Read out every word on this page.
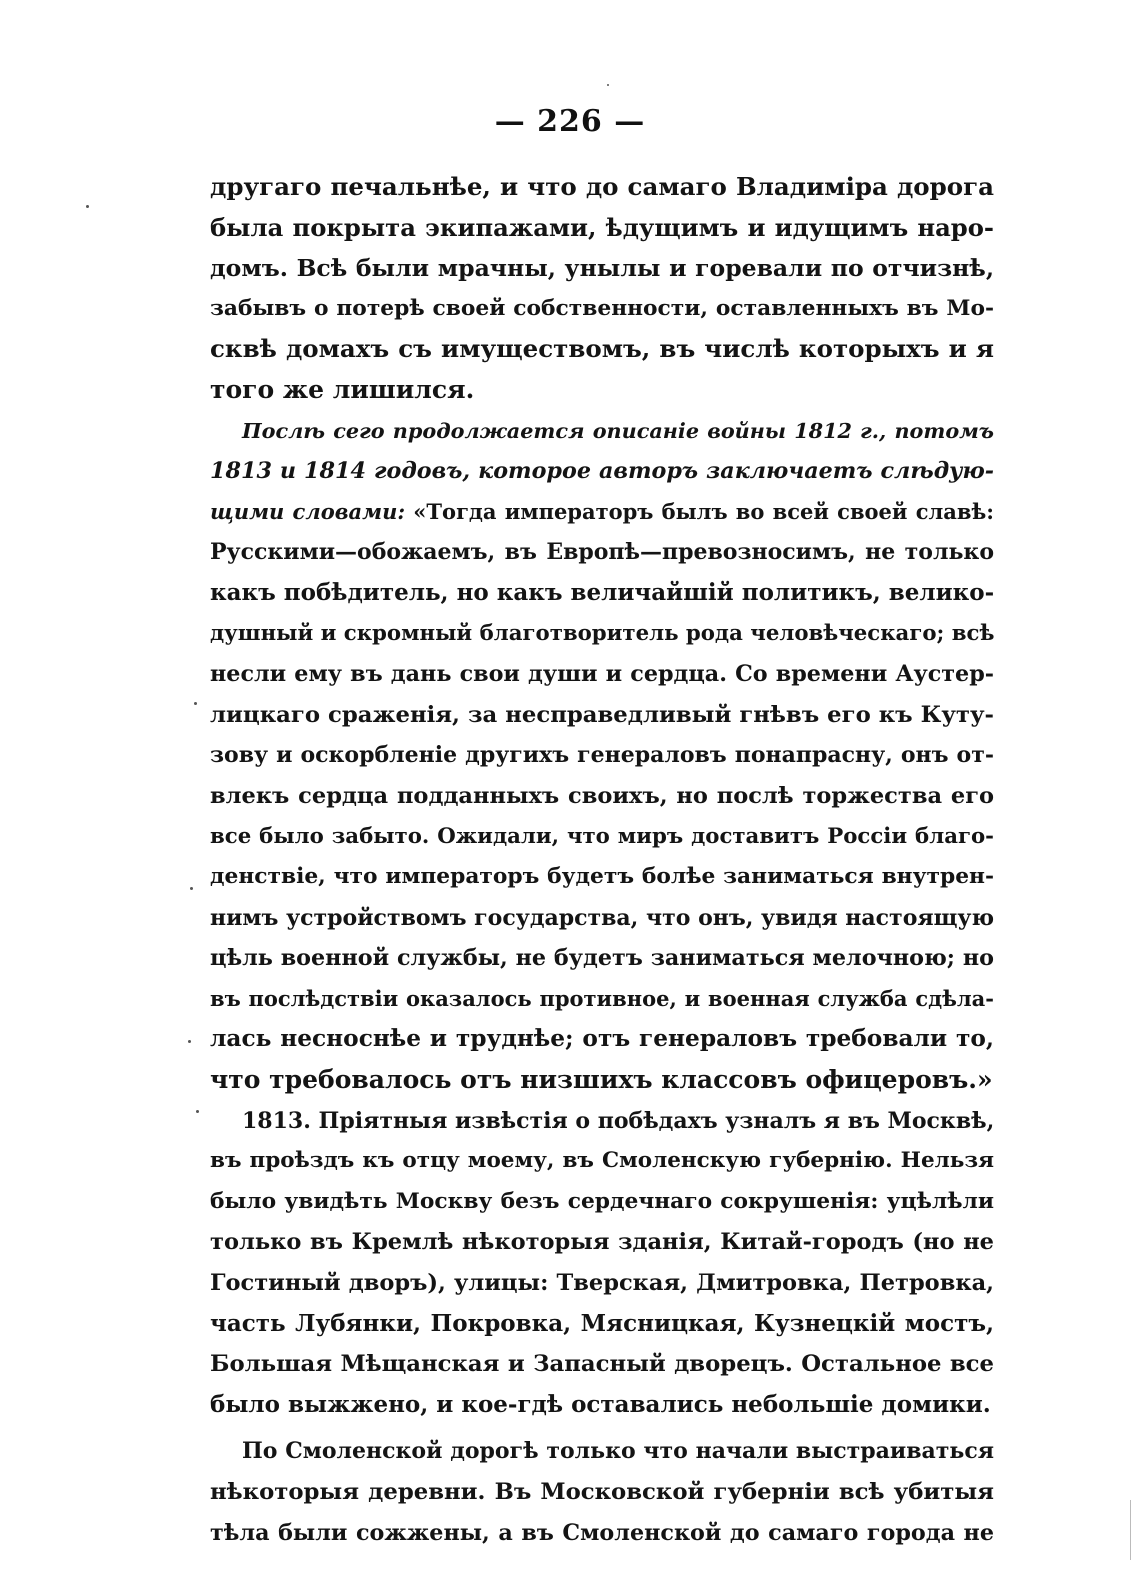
— 226 —
другаго печальнѣе, и что до самаго Владиміра дорога
была покрыта экипажами, ѣдущимъ и идущимъ наро-
домъ. Всѣ были мрачны, унылы и горевали по отчизнѣ,
забывъ о потерѣ своей собственности, оставленныхъ въ Мо-
сквѣ домахъ съ имуществомъ, въ числѣ которыхъ и я
того же лишился.
Послѣ сего продолжается описаніе войны 1812 г., потомъ
1813 и 1814 годовъ, которое авторъ заключаетъ слѣдую-
щими словами: «Тогда императоръ былъ во всей своей славѣ:
Русскими—обожаемъ, въ Европѣ—превозносимъ, не только
какъ побѣдитель, но какъ величайшій политикъ, велико-
душный и скромный благотворитель рода человѣческаго; всѣ
несли ему въ дань свои души и сердца. Со времени Аустер-
лицкаго сраженія, за несправедливый гнѣвъ его къ Куту-
зову и оскорбленіе другихъ генераловъ понапрасну, онъ от-
влекъ сердца подданныхъ своихъ, но послѣ торжества его
все было забыто. Ожидали, что миръ доставитъ Россіи благо-
денствіе, что императоръ будетъ болѣе заниматься внутрен-
нимъ устройствомъ государства, что онъ, увидя настоящую
цѣль военной службы, не будетъ заниматься мелочною; но
въ послѣдствіи оказалось противное, и военная служба сдѣла-
лась несноснѣе и труднѣе; отъ генераловъ требовали то,
что требовалось отъ низшихъ классовъ офицеровъ.»
1813. Пріятныя извѣстія о побѣдахъ узналъ я въ Москвѣ,
въ проѣздъ къ отцу моему, въ Смоленскую губернію. Нельзя
было увидѣть Москву безъ сердечнаго сокрушенія: уцѣлѣли
только въ Кремлѣ нѣкоторыя зданія, Китай-городъ (но не
Гостиный дворъ), улицы: Тверская, Дмитровка, Петровка,
часть Лубянки, Покровка, Мясницкая, Кузнецкій мостъ,
Большая Мѣщанская и Запасный дворецъ. Остальное все
было выжжено, и кое-гдѣ оставались небольшіе домики.
По Смоленской дорогѣ только что начали выстраиваться
нѣкоторыя деревни. Въ Московской губерніи всѣ убитыя
тѣла были сожжены, а въ Смоленской до самаго города не
